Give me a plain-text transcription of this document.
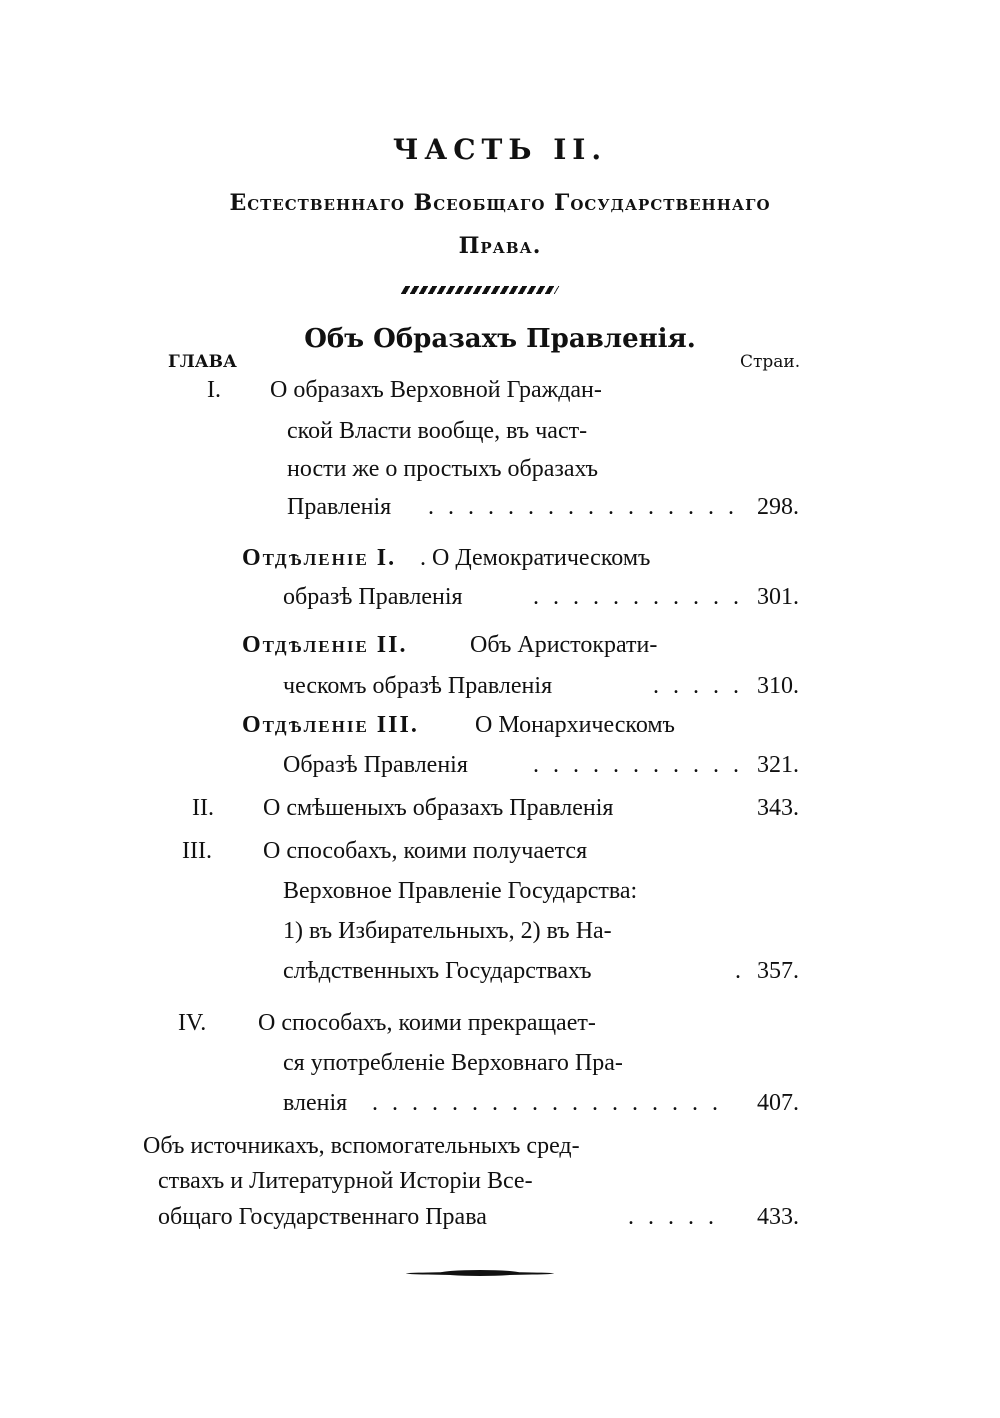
ЧАСТЬ II.
Естественнаго Всеобщаго Государственнаго
Права.
Объ Образахъ Правленія.
ГЛАВА	Страи.
I. О образахъ Верховной Граждан-
ской Власти вообще, въ част-
ности же о простыхъ образахъ
Правленія . . . . . . . . . . . . . . . . 298.
Отдѣленіе I. . О Демократическомъ
образѣ Правленія	. . . . . . . . . . . 301.
Отдѣленіе II.	Объ Аристократи-
ческомъ образѣ Правленія	. . . . . 310.
Отдѣленіе III. О Монархическомъ
Образѣ Правленія	. . . . . . . . . . . 321.
II. О смѣшеныхъ образахъ Правленія	343.
III. О способахъ, коими получается
Верховное Правленіе Государства:
1) въ Избирательныхъ, 2) въ На-
слѣдственныхъ Государствахъ	. 357.
IV. О способахъ, коими прекращает-
ся употребленіе Верховнаго Пра-
вленія . . . . . . . . . . . . . . . . . . 407.
Объ источникахъ, вспомогательныхъ сред-
ствахъ и Литературной Исторіи Все-
общаго Государственнаго Права	. . . . . 433.
